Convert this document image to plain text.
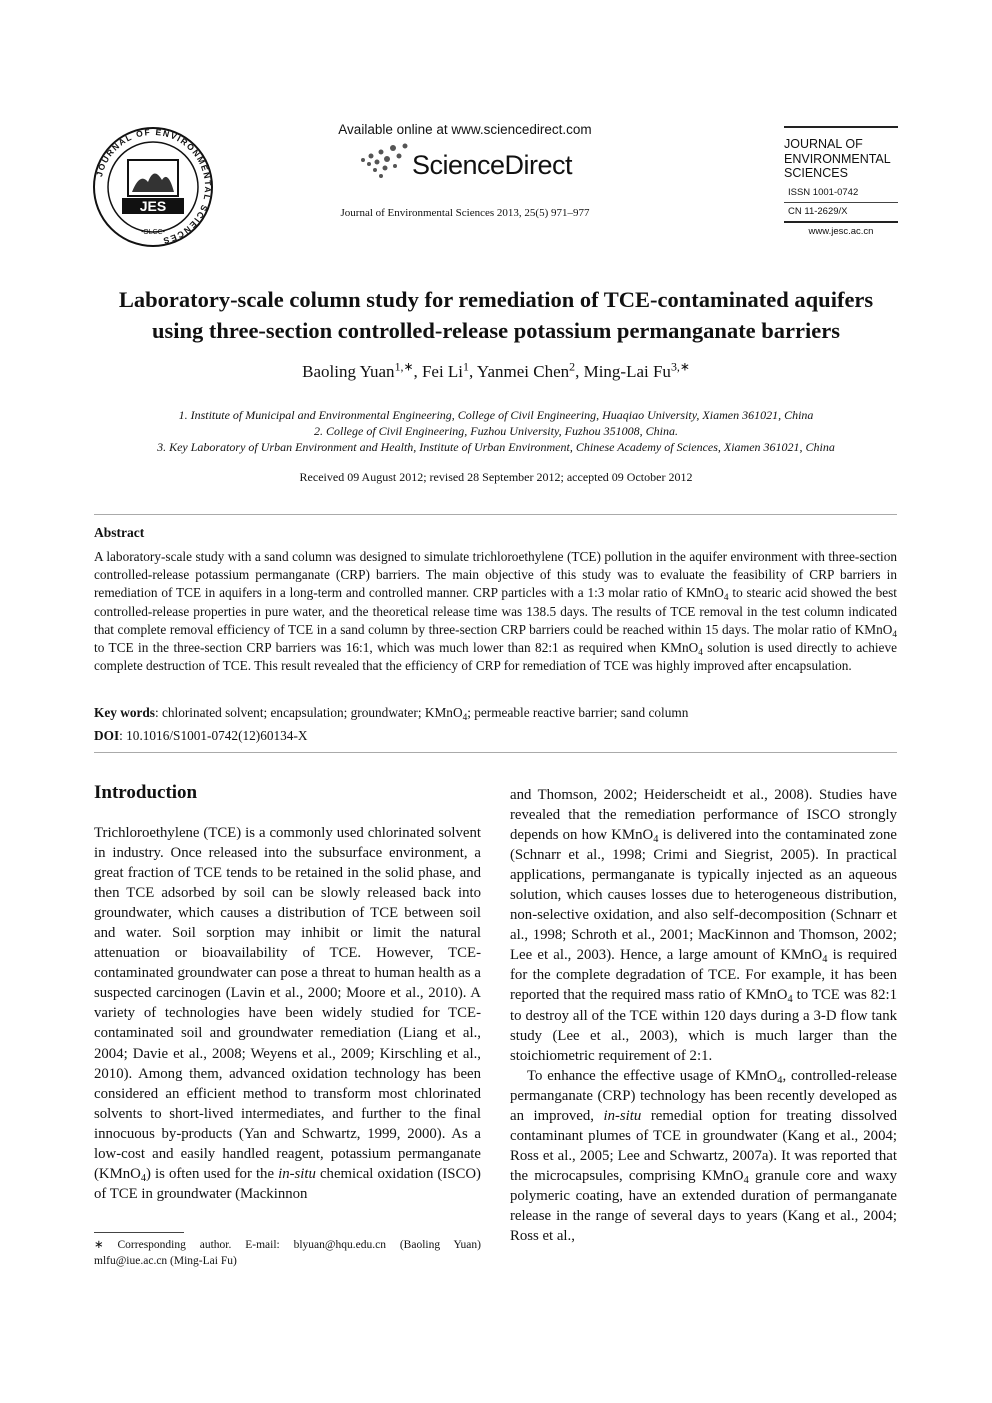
JOURNAL OF ENVIRONMENTAL SCIENCES
JES
-OLCC-
Available online at www.sciencedirect.com
ScienceDirect
Journal of Environmental Sciences 2013, 25(5) 971–977
JOURNAL OF
ENVIRONMENTAL
SCIENCES
ISSN 1001-0742
CN 11-2629/X
www.jesc.ac.cn
Laboratory-scale column study for remediation of TCE-contaminated aquifers
using three-section controlled-release potassium permanganate barriers
Baoling Yuan$^{1,∗}$, Fei Li$^1$, Yanmei Chen$^2$, Ming-Lai $Fu^{3,∗}$
1. Institute of Municipal and Environmental Engineering, College of Civil Engineering, Huaqiao University, Xiamen 361021, China
2. College of Civil Engineering, Fuzhou University, Fuzhou 351008, China.
3. Key Laboratory of Urban Environment and Health, Institute of Urban Environment, Chinese Academy of Sciences, Xiamen 361021, China
Received 09 August 2012; revised 28 September 2012; accepted 09 October 2012
Abstract
A laboratory-scale study with a sand column was designed to simulate trichloroethylene (TCE) pollution in the aquifer environment with three-section controlled-release potassium permanganate (CRP) barriers. The main objective of this study was to evaluate the feasibility of CRP barriers in remediation of TCE in aquifers in a long-term and controlled manner. CRP particles with a 1:3 molar ratio of KMnO$_4$ to stearic acid showed the best controlled-release properties in pure water, and the theoretical release time was 138.5 days. The results of TCE removal in the test column indicated that complete removal efficiency of TCE in a sand column by three-section CRP barriers could be reached within 15 days. The molar ratio of KMnO$_4$ to TCE in the three-section CRP barriers was 16:1, which was much lower than 82:1 as required when KMnO$_4$ solution is used directly to achieve complete destruction of TCE. This result revealed that the efficiency of CRP for remediation of TCE was highly improved after encapsulation.
Key words: chlorinated solvent; encapsulation; groundwater; KMnO$_4$; permeable reactive barrier; sand column
DOI: 10.1016/S1001-0742(12)60134-X
Introduction

Trichloroethylene (TCE) is a commonly used chlorinated solvent in industry. Once released into the subsurface environment, a great fraction of TCE tends to be retained in the solid phase, and then TCE adsorbed by soil can be slowly released back into groundwater, which causes a distribution of TCE between soil and water. Soil sorption may inhibit or limit the natural attenuation or bioavailability of TCE. However, TCE-contaminated groundwater can pose a threat to human health as a suspected carcinogen (Lavin et al., 2000; Moore et al., 2010). A variety of technologies have been widely studied for TCE-contaminated soil and groundwater remediation (Liang et al., 2004; Davie et al., 2008; Weyens et al., 2009; Kirschling et al., 2010). Among them, advanced oxidation technology has been considered an efficient method to transform most chlorinated solvents to short-lived intermediates, and further to the final innocuous by-products (Yan and Schwartz, 1999, 2000). As a low-cost and easily handled reagent, potassium permanganate (KMnO$_4$) is often used for the in-situ chemical oxidation (ISCO) of TCE in groundwater (Mackinnon

∗ Corresponding author. E-mail: blyuan@hqu.edu.cn (Baoling Yuan) mlfu@iue.ac.cn (Ming-Lai Fu)

and Thomson, 2002; Heiderscheidt et al., 2008). Studies have revealed that the remediation performance of ISCO strongly depends on how KMnO$_4$ is delivered into the contaminated zone (Schnarr et al., 1998; Crimi and Siegrist, 2005). In practical applications, permanganate is typically injected as an aqueous solution, which causes losses due to heterogeneous distribution, non-selective oxidation, and also self-decomposition (Schnarr et al., 1998; Schroth et al., 2001; MacKinnon and Thomson, 2002; Lee et al., 2003). Hence, a large amount of KMnO$_4$ is required for the complete degradation of TCE. For example, it has been reported that the required mass ratio of KMnO$_4$ to TCE was 82:1 to destroy all of the TCE within 120 days during a 3-D flow tank study (Lee et al., 2003), which is much larger than the stoichiometric requirement of 2:1.

To enhance the effective usage of KMnO$_4$, controlled-release permanganate (CRP) technology has been recently developed as an improved, in-situ remedial option for treating dissolved contaminant plumes of TCE in groundwater (Kang et al., 2004; Ross et al., 2005; Lee and Schwartz, 2007a). It was reported that the microcapsules, comprising KMnO$_4$ granule core and waxy polymeric coating, have an extended duration of permanganate release in the range of several days to years (Kang et al., 2004; Ross et al.,
